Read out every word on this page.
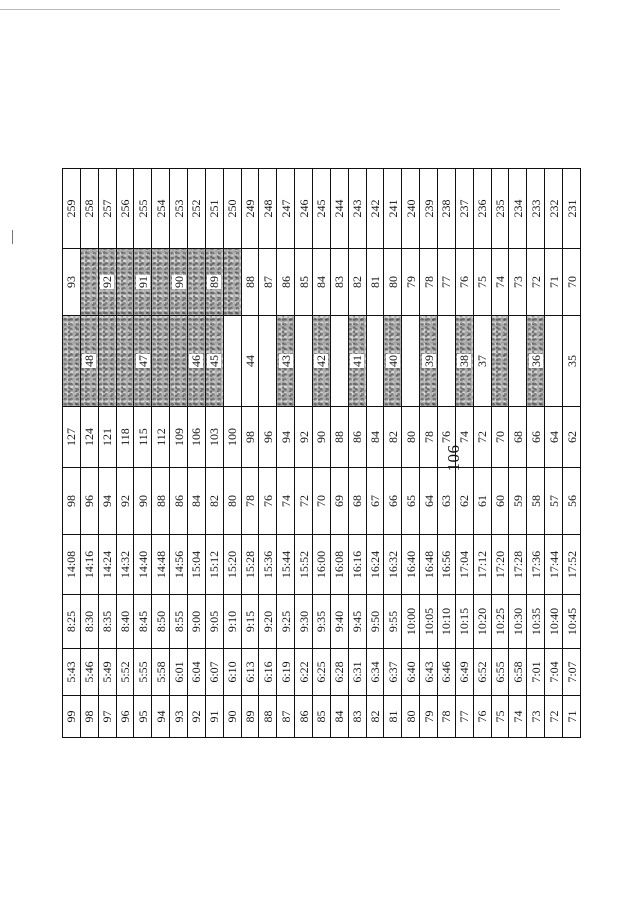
106
99	5:43	8:25	14:08	98	127		93	259
98	5:46	8:30	14:16	96	124	48		258
97	5:49	8:35	14:24	94	121		92	257
96	5:52	8:40	14:32	92	118			256
95	5:55	8:45	14:40	90	115	47	91	255
94	5:58	8:50	14:48	88	112			254
93	6:01	8:55	14:56	86	109		90	253
92	6:04	9:00	15:04	84	106	46		252
91	6:07	9:05	15:12	82	103	45	89	251
90	6:10	9:10	15:20	80	100			250
89	6:13	9:15	15:28	78	98	44	88	249
88	6:16	9:20	15:36	76	96		87	248
87	6:19	9:25	15:44	74	94	43	86	247
86	6:22	9:30	15:52	72	92		85	246
85	6:25	9:35	16:00	70	90	42	84	245
84	6:28	9:40	16:08	69	88		83	244
83	6:31	9:45	16:16	68	86	41	82	243
82	6:34	9:50	16:24	67	84		81	242
81	6:37	9:55	16:32	66	82	40	80	241
80	6:40	10:00	16:40	65	80		79	240
79	6:43	10:05	16:48	64	78	39	78	239
78	6:46	10:10	16:56	63	76		77	238
77	6:49	10:15	17:04	62	74	38	76	237
76	6:52	10:20	17:12	61	72	37	75	236
75	6:55	10:25	17:20	60	70		74	235
74	6:58	10:30	17:28	59	68		73	234
73	7:01	10:35	17:36	58	66	36	72	233
72	7:04	10:40	17:44	57	64		71	232
71	7:07	10:45	17:52	56	62	35	70	231
